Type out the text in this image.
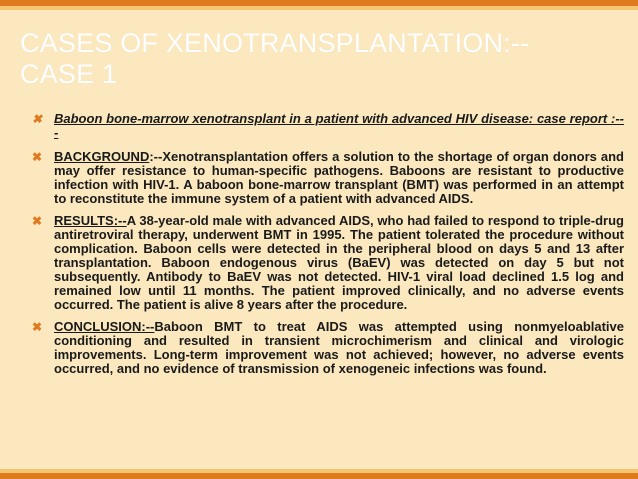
CASES OF XENOTRANSPLANTATION:--
CASE 1
✖ Baboon bone-marrow xenotransplant in a patient with advanced HIV disease: case report :---
✖ BACKGROUND:--Xenotransplantation offers a solution to the shortage of organ donors and may offer resistance to human-specific pathogens. Baboons are resistant to productive infection with HIV-1. A baboon bone-marrow transplant (BMT) was performed in an attempt to reconstitute the immune system of a patient with advanced AIDS.
✖ RESULTS:--A 38-year-old male with advanced AIDS, who had failed to respond to triple-drug antiretroviral therapy, underwent BMT in 1995. The patient tolerated the procedure without complication. Baboon cells were detected in the peripheral blood on days 5 and 13 after transplantation. Baboon endogenous virus (BaEV) was detected on day 5 but not subsequently. Antibody to BaEV was not detected. HIV-1 viral load declined 1.5 log and remained low until 11 months. The patient improved clinically, and no adverse events occurred. The patient is alive 8 years after the procedure.
✖ CONCLUSION:--Baboon BMT to treat AIDS was attempted using nonmyeloablative conditioning and resulted in transient microchimerism and clinical and virologic improvements. Long-term improvement was not achieved; however, no adverse events occurred, and no evidence of transmission of xenogeneic infections was found.
